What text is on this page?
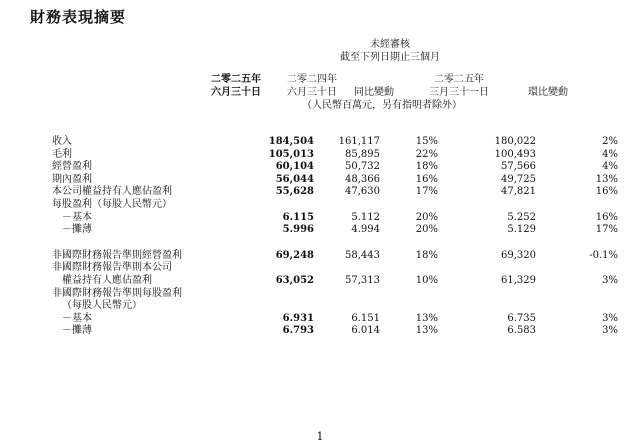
財務表現摘要
未經審核
截至下列日期止三個月
二零二五年
六月三十日
二零二四年
六月三十日	同比變動
二零二五年
三月三十一日	環比變動
（人民幣百萬元，另有指明者除外）
收入	184,504	161,117	15%	180,022	2%
毛利	105,013	85,895	22%	100,493	4%
經營盈利	60,104	50,732	18%	57,566	4%
期內盈利	56,044	48,366	16%	49,725	13%
本公司權益持有人應佔盈利	55,628	47,630	17%	47,821	16%
每股盈利（每股人民幣元）					
－基本	6.115	5.112	20%	5.252	16%
－攤薄	5.996	4.994	20%	5.129	17%

非國際財務報告準則經營盈利	69,248	58,443	18%	69,320	-0.1%
非國際財務報告準則本公司					
權益持有人應佔盈利	63,052	57,313	10%	61,329	3%
非國際財務報告準則每股盈利					
（每股人民幣元）					
－基本	6.931	6.151	13%	6.735	3%
－攤薄	6.793	6.014	13%	6.583	3%
1
